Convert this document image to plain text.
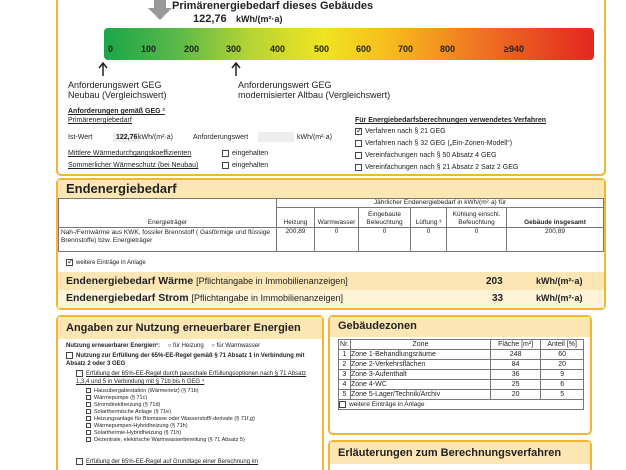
Primärenergiebedarf dieses Gebäudes
122,76 kWh/(m²·a)
0	100	200	300	400	500	600	700	800	≥940
Anforderungswert GEG
Neubau (Vergleichswert)
Anforderungswert GEG
modernisierter Altbau (Vergleichswert)
Anforderungen gemäß GEG ²
Primärenergiebedarf
Ist-Wert	122,76 kWh/(m²·a)	Anforderungswert	kWh/(m²·a)
Mittlere Wärmedurchgangskoeffizienten	eingehalten
Sommerlicher Wärmeschutz (bei Neubau)	eingehalten
Für Energiebedarfsberechnungen verwendetes Verfahren
✓Verfahren nach § 21 GEG
Verfahren nach § 32 GEG („Ein-Zonen-Modell“)
Vereinfachungen nach § 50 Absatz 4 GEG
Vereinfachungen nach § 21 Absatz 2 Satz 2 GEG
Endenergiebedarf
Energieträger	Jährlicher Endenergiebedarf in kWh/(m²·a) für					
	Heizung	Warmwasser	Eingebaute Beleuchtung	Lüftung ³	Kühlung einschl. Befeuchtung	Gebäude insgesamt
Nah-/Fernwärme aus KWK, fossiler Brennstoff ( Gasförmige und flüssige Brennstoffe) bzw. Energieträger	200,89	0	0	0	0	200,89
✓weitere Einträge in Anlage
Endenergiebedarf Wärme [Pflichtangabe in Immobilienanzeigen]	203	kWh/(m²·a)
Endenergiebedarf Strom [Pflichtangabe in Immobilienanzeigen]	33	kWh/(m²·a)
Angaben zur Nutzung erneuerbarer Energien
Nutzung erneuerbarer Energien¹: ○ für Heizung ○ für Warmwasser
Nutzung zur Erfüllung der 65%-EE-Regel gemäß § 71 Absatz 1 in Verbindung mit Absatz 2 oder 3 GEG
Erfüllung der 65%-EE-Regel durch pauschale Erfüllungsoptionen nach § 71 Absatz 1,3,4 und 5 in Verbindung mit § 71b bis h GEG ⁴
Hausübergabestation (Wärmenetz) (§ 71b)
Wärmepumpe (§ 71c)
Stromdirektheizung (§ 71d)
Solarthermische Anlage (§ 71e)
Heizungsanlage für Biomasse oder Wasserstoff/-derivate (§ 71f,g)
Wärmepumpen-Hybridheizung (§ 71h)
Solarthermie-Hybridheizung (§ 71h)
Dezentrale, elektrische Warmwasserbereitung (§ 71 Absatz 5)
Erfüllung der 65%-EE-Regel auf Grundlage einer Berechnung im
Gebäudezonen
Nr.	Zone	Fläche [m²]	Anteil [%]
1	Zone 1-Behandlungsräume	248	60
2	Zone 2-Verkehrsflächen	84	20
3	Zone 3-Aufenthalt	36	9
4	Zone 4-WC	25	6
5	Zone 5-Lager/Technik/Archiv	20	5
weitere Einträge in Anlage			
Erläuterungen zum Berechnungsverfahren
